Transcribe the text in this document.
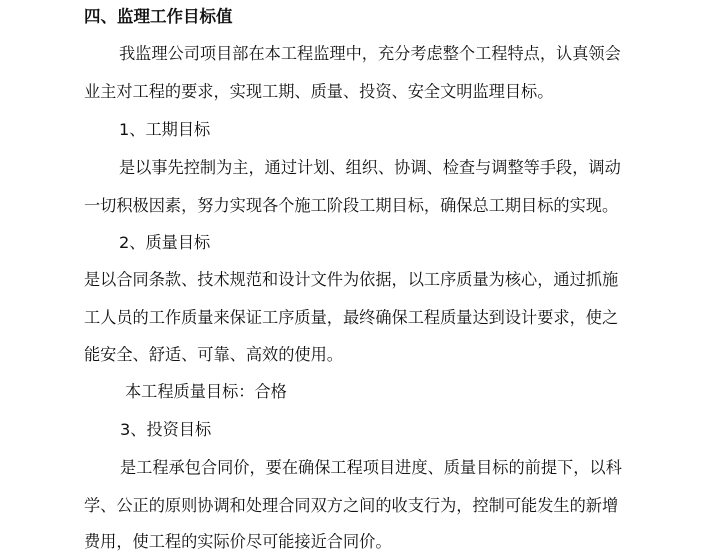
四、监理工作目标值
我监理公司项目部在本工程监理中，充分考虑整个工程特点，认真领会
业主对工程的要求，实现工期、质量、投资、安全文明监理目标。
1、工期目标
是以事先控制为主，通过计划、组织、协调、检查与调整等手段，调动
一切积极因素，努力实现各个施工阶段工期目标，确保总工期目标的实现。
2、质量目标
是以合同条款、技术规范和设计文件为依据，以工序质量为核心，通过抓施
工人员的工作质量来保证工序质量，最终确保工程质量达到设计要求，使之
能安全、舒适、可靠、高效的使用。
本工程质量目标：合格
3、投资目标
是工程承包合同价，要在确保工程项目进度、质量目标的前提下，以科
学、公正的原则协调和处理合同双方之间的收支行为，控制可能发生的新增
费用，使工程的实际价尽可能接近合同价。
